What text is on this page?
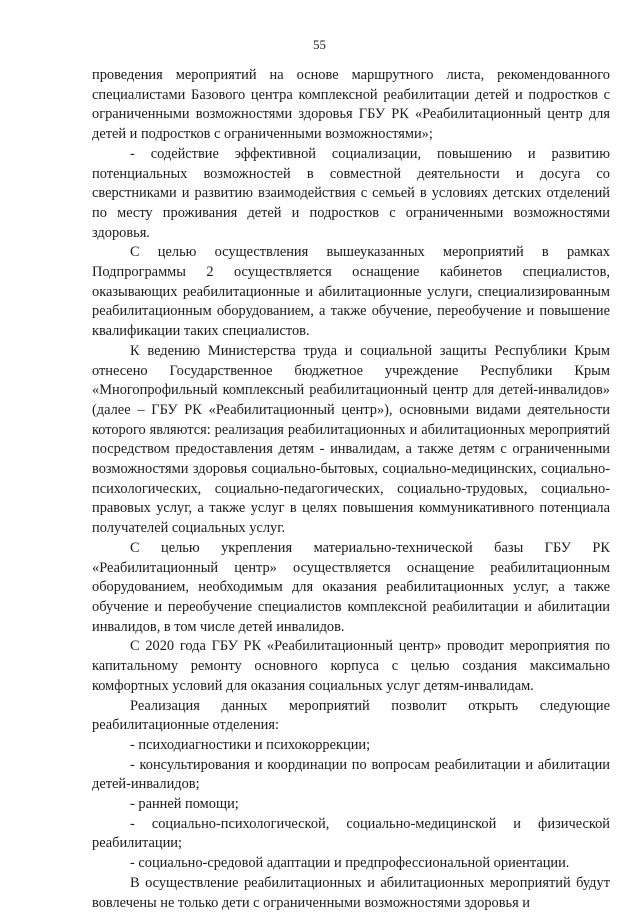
55

проведения мероприятий на основе маршрутного листа, рекомендованного специалистами Базового центра комплексной реабилитации детей и подростков с ограниченными возможностями здоровья ГБУ РК «Реабилитационный центр для детей и подростков с ограниченными возможностями»;

- содействие эффективной социализации, повышению и развитию потенциальных возможностей в совместной деятельности и досуга со сверстниками и развитию взаимодействия с семьей в условиях детских отделений по месту проживания детей и подростков с ограниченными возможностями здоровья.

С целью осуществления вышеуказанных мероприятий в рамках Подпрограммы 2 осуществляется оснащение кабинетов специалистов, оказывающих реабилитационные и абилитационные услуги, специализированным реабилитационным оборудованием, а также обучение, переобучение и повышение квалификации таких специалистов.

К ведению Министерства труда и социальной защиты Республики Крым отнесено Государственное бюджетное учреждение Республики Крым «Многопрофильный комплексный реабилитационный центр для детей-инвалидов» (далее – ГБУ РК «Реабилитационный центр»), основными видами деятельности которого являются: реализация реабилитационных и абилитационных мероприятий посредством предоставления детям - инвалидам, а также детям с ограниченными возможностями здоровья социально-бытовых, социально-медицинских, социально-психологических, социально-педагогических, социально-трудовых, социально-правовых услуг, а также услуг в целях повышения коммуникативного потенциала получателей социальных услуг.

С целью укрепления материально-технической базы ГБУ РК «Реабилитационный центр» осуществляется оснащение реабилитационным оборудованием, необходимым для оказания реабилитационных услуг, а также обучение и переобучение специалистов комплексной реабилитации и абилитации инвалидов, в том числе детей инвалидов.

С 2020 года ГБУ РК «Реабилитационный центр» проводит мероприятия по капитальному ремонту основного корпуса с целью создания максимально комфортных условий для оказания социальных услуг детям-инвалидам.

Реализация данных мероприятий позволит открыть следующие реабилитационные отделения:

- психодиагностики и психокоррекции;

- консультирования и координации по вопросам реабилитации и абилитации детей-инвалидов;

- ранней помощи;

- социально-психологической, социально-медицинской и физической реабилитации;

- социально-средовой адаптации и предпрофессиональной ориентации.

В осуществление реабилитационных и абилитационных мероприятий будут вовлечены не только дети с ограниченными возможностями здоровья и
